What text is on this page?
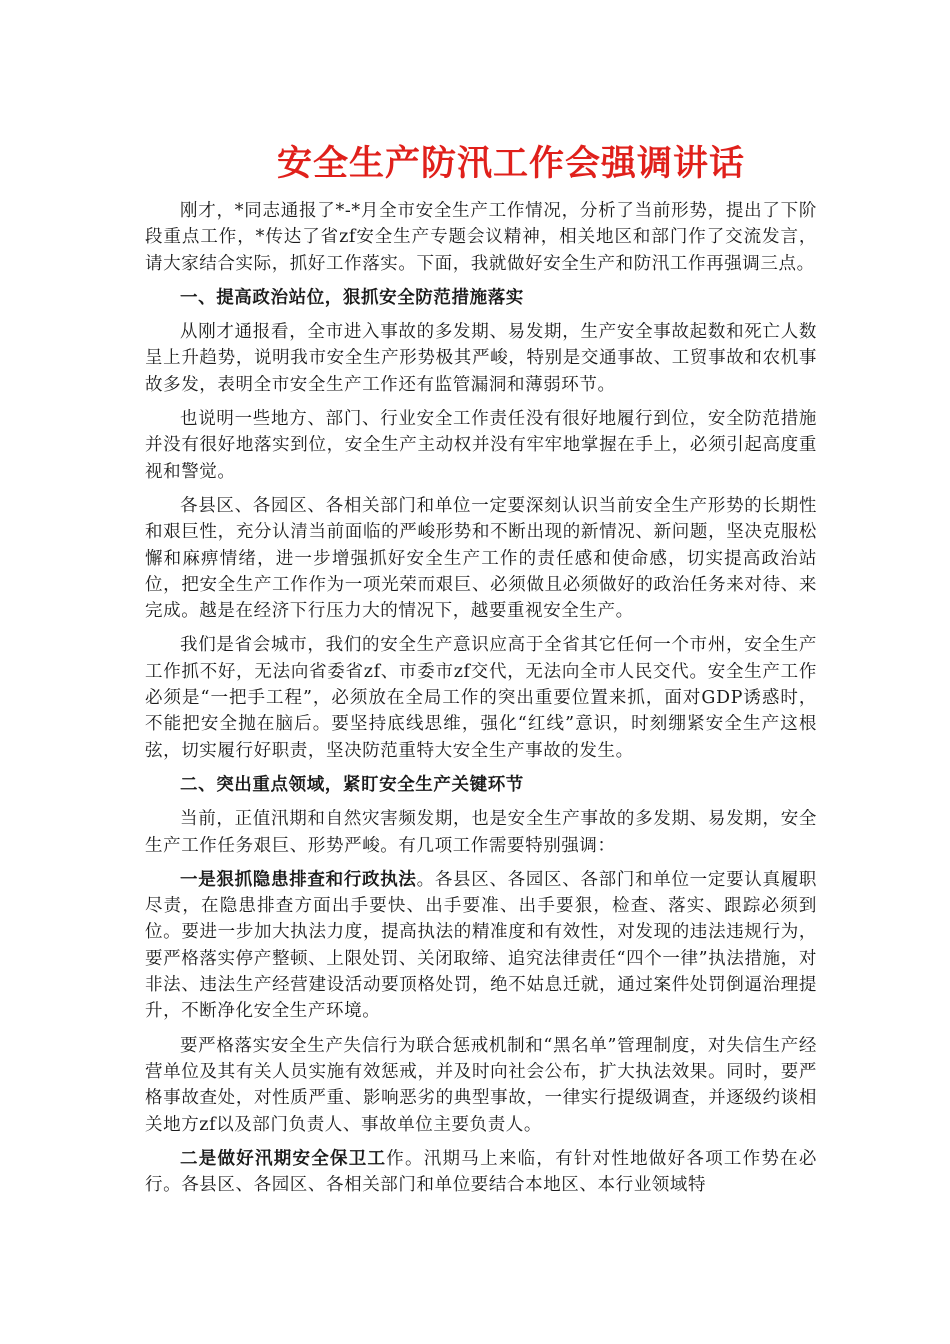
安全生产防汛工作会强调讲话

刚才，*同志通报了*-*月全市安全生产工作情况，分析了当前形势，提出了下阶段重点工作，*传达了省zf安全生产专题会议精神，相关地区和部门作了交流发言，请大家结合实际，抓好工作落实。下面，我就做好安全生产和防汛工作再强调三点。

一、提高政治站位，狠抓安全防范措施落实

从刚才通报看，全市进入事故的多发期、易发期，生产安全事故起数和死亡人数呈上升趋势，说明我市安全生产形势极其严峻，特别是交通事故、工贸事故和农机事故多发，表明全市安全生产工作还有监管漏洞和薄弱环节。

也说明一些地方、部门、行业安全工作责任没有很好地履行到位，安全防范措施并没有很好地落实到位，安全生产主动权并没有牢牢地掌握在手上，必须引起高度重视和警觉。

各县区、各园区、各相关部门和单位一定要深刻认识当前安全生产形势的长期性和艰巨性，充分认清当前面临的严峻形势和不断出现的新情况、新问题，坚决克服松懈和麻痹情绪，进一步增强抓好安全生产工作的责任感和使命感，切实提高政治站位，把安全生产工作作为一项光荣而艰巨、必须做且必须做好的政治任务来对待、来完成。越是在经济下行压力大的情况下，越要重视安全生产。

我们是省会城市，我们的安全生产意识应高于全省其它任何一个市州，安全生产工作抓不好，无法向省委省zf、市委市zf交代，无法向全市人民交代。安全生产工作必须是“一把手工程”，必须放在全局工作的突出重要位置来抓，面对GDP诱惑时，不能把安全抛在脑后。要坚持底线思维，强化“红线”意识，时刻绷紧安全生产这根弦，切实履行好职责，坚决防范重特大安全生产事故的发生。

二、突出重点领域，紧盯安全生产关键环节

当前，正值汛期和自然灾害频发期，也是安全生产事故的多发期、易发期，安全生产工作任务艰巨、形势严峻。有几项工作需要特别强调：

一是狠抓隐患排查和行政执法。各县区、各园区、各部门和单位一定要认真履职尽责，在隐患排查方面出手要快、出手要准、出手要狠，检查、落实、跟踪必须到位。要进一步加大执法力度，提高执法的精准度和有效性，对发现的违法违规行为，要严格落实停产整顿、上限处罚、关闭取缔、追究法律责任“四个一律”执法措施，对非法、违法生产经营建设活动要顶格处罚，绝不姑息迁就，通过案件处罚倒逼治理提升，不断净化安全生产环境。

要严格落实安全生产失信行为联合惩戒机制和“黑名单”管理制度，对失信生产经营单位及其有关人员实施有效惩戒，并及时向社会公布，扩大执法效果。同时，要严格事故查处，对性质严重、影响恶劣的典型事故，一律实行提级调查，并逐级约谈相关地方zf以及部门负责人、事故单位主要负责人。

二是做好汛期安全保卫工作。汛期马上来临，有针对性地做好各项工作势在必行。各县区、各园区、各相关部门和单位要结合本地区、本行业领域特
